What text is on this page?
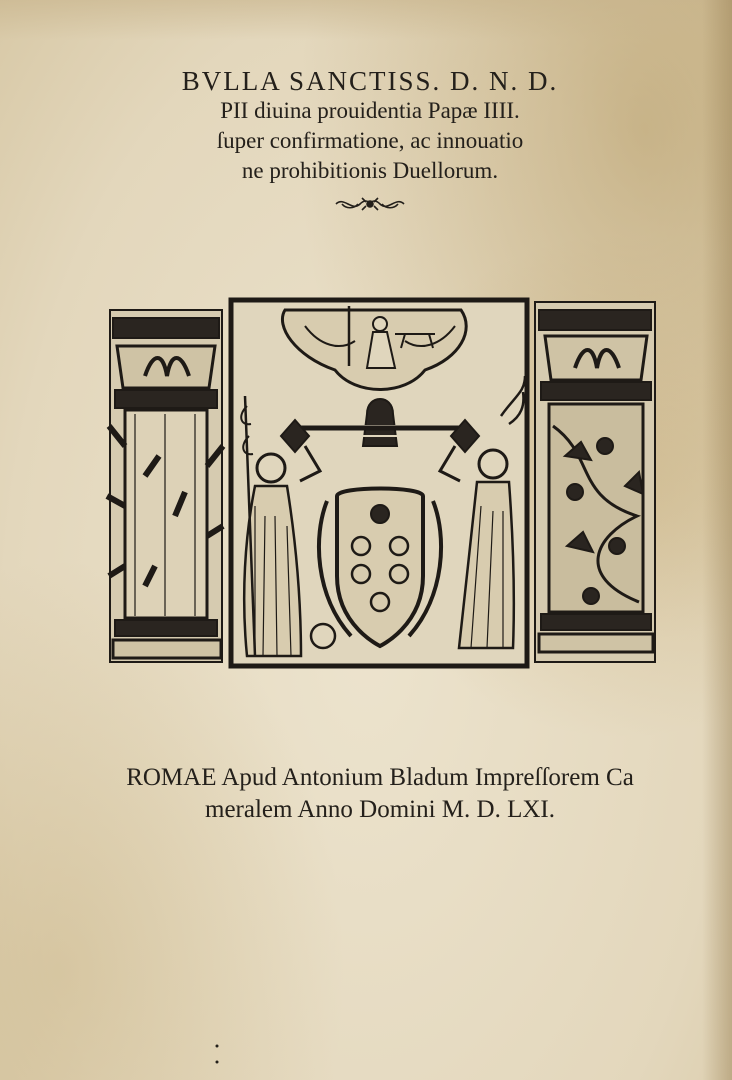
BVLLA SANCTISS. D. N. D.
PII diuina prouidentia Papæ IIII.
ſuper confirmatione, ac innouatio
ne prohibitionis Duellorum.
ROMAE Apud Antonium Bladum Impreſſorem Ca
meralem Anno Domini M. D. LXI.
